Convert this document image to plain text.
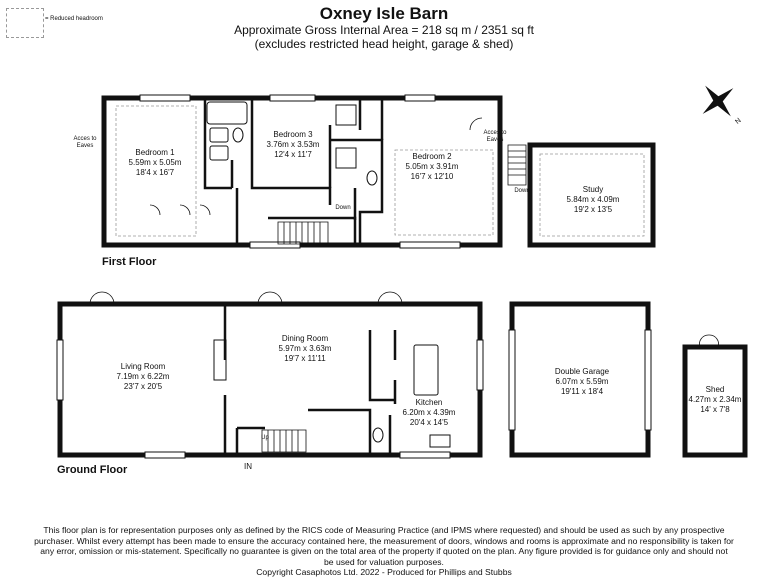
= Reduced headroom	Oxney Isle Barn
Approximate Gross Internal Area = 218 sq m / 2351 sq ft
(excludes restricted head height, garage & shed)
N
Bedroom 1
5.59m x 5.05m
18'4 x 16'7
Bedroom 3
3.76m x 3.53m
12'4 x 11'7	Bedroom 2
5.05m x 3.91m
16'7 x 12'10
Study
5.84m x 4.09m
19'2 x 13'5
Living Room
7.19m x 6.22m
23'7 x 20'5
Dining Room
5.97m x 3.63m
19'7 x 11'11
Kitchen
6.20m x 4.39m
20'4 x 14'5
Double Garage
6.07m x 5.59m
19'11 x 18'4	Shed
4.27m x 2.34m
14' x 7'8
Acces to
Eaves
Acces to
Eaves
Down
Down
Up
IN
First Floor
Ground Floor
This floor plan is for representation purposes only as defined by the RICS code of Measuring Practice (and IPMS where requested) and should be used as such by any prospective
purchaser. Whilst every attempt has been made to ensure the accuracy contained here, the measurement of doors, windows and rooms is approximate and no responsibility is taken for
any error, omission or mis-statement. Specifically no guarantee is given on the total area of the property if quoted on the plan. Any figure provided is for guidance only and should not
be used for valuation purposes.
Copyright Casaphotos Ltd. 2022 - Produced for Phillips and Stubbs
